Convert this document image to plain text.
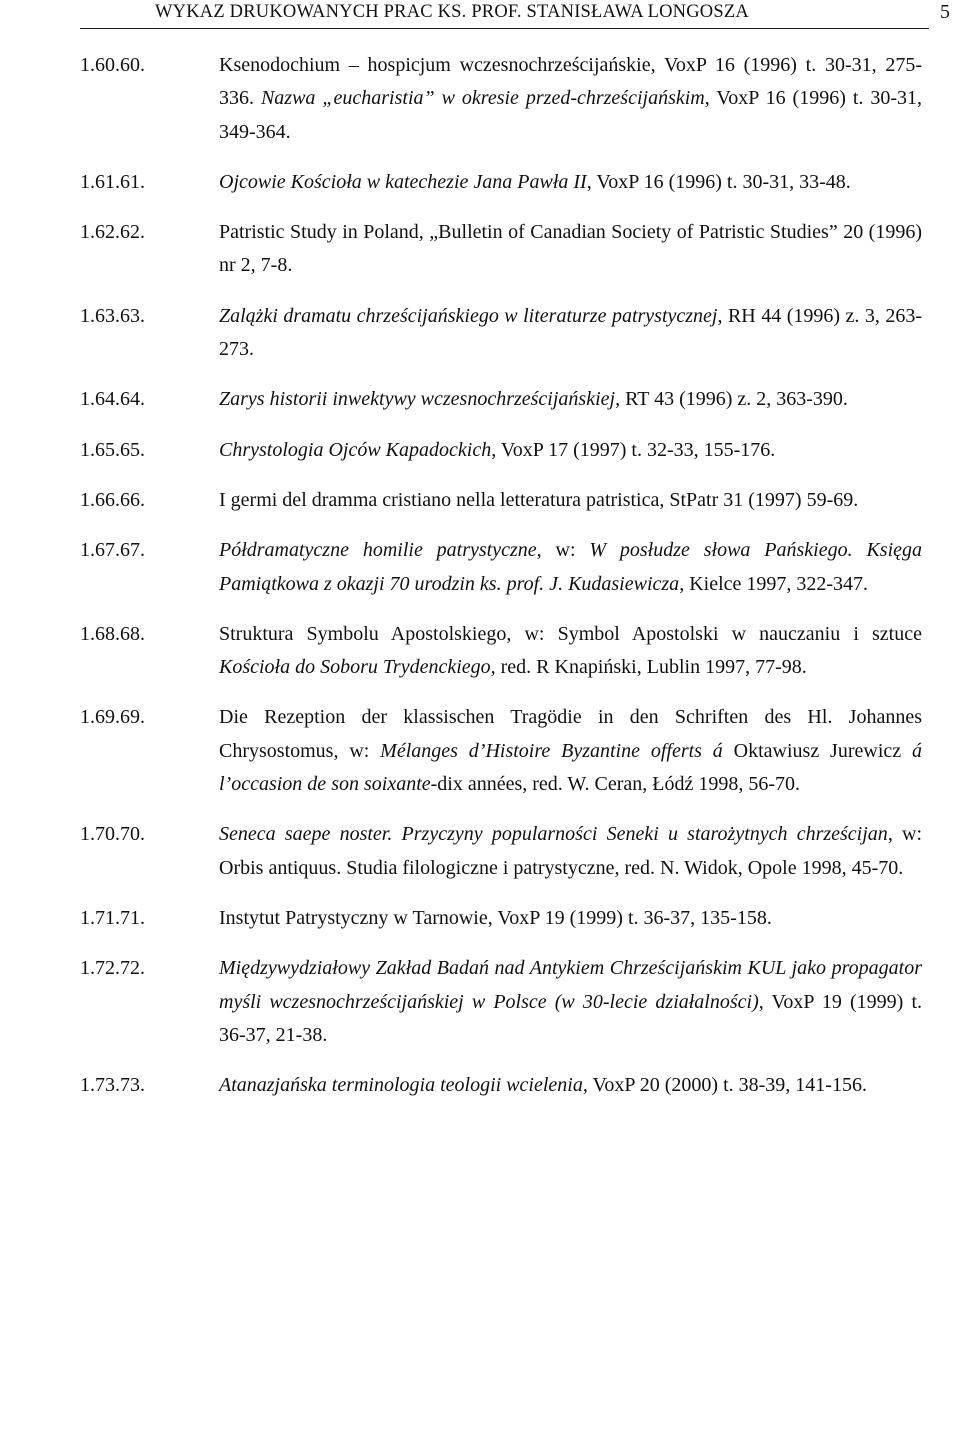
WYKAZ DRUKOWANYCH PRAC KS. PROF. STANISŁAWA LONGOSZA	5
1.60.60.	Ksenodochium – hospicjum wczesnochrześcijańskie, VoxP 16 (1996) t. 30-31, 275-336. Nazwa „eucharistia” w okresie przed-chrześcijańskim, VoxP 16 (1996) t. 30-31, 349-364.
1.61.61.	Ojcowie Kościoła w katechezie Jana Pawła II, VoxP 16 (1996) t. 30-31, 33-48.
1.62.62.	Patristic Study in Poland, „Bulletin of Canadian Society of Patristic Studies” 20 (1996) nr 2, 7-8.
1.63.63.	Zalążki dramatu chrześcijańskiego w literaturze patrystycznej, RH 44 (1996) z. 3, 263-273.
1.64.64.	Zarys historii inwektywy wczesnochrześcijańskiej, RT 43 (1996) z. 2, 363-390.
1.65.65.	Chrystologia Ojców Kapadockich, VoxP 17 (1997) t. 32-33, 155-176.
1.66.66.	I germi del dramma cristiano nella letteratura patristica, StPatr 31 (1997) 59-69.
1.67.67.	Półdramatyczne homilie patrystyczne, w: W posłudze słowa Pańskiego. Księga Pamiątkowa z okazji 70 urodzin ks. prof. J. Kudasiewicza, Kielce 1997, 322-347.
1.68.68.	Struktura Symbolu Apostolskiego, w: Symbol Apostolski w nauczaniu i sztuce Kościoła do Soboru Trydenckiego, red. R Knapiński, Lublin 1997, 77-98.
1.69.69.	Die Rezeption der klassischen Tragödie in den Schriften des Hl. Johannes Chrysostomus, w: Mélanges d’Histoire Byzantine offerts á Oktawiusz Jurewicz á l’occasion de son soixante-dix années, red. W. Ceran, Łódź 1998, 56-70.
1.70.70.	Seneca saepe noster. Przyczyny popularności Seneki u starożytnych chrześcijan, w: Orbis antiquus. Studia filologiczne i patrystyczne, red. N. Widok, Opole 1998, 45-70.
1.71.71.	Instytut Patrystyczny w Tarnowie, VoxP 19 (1999) t. 36-37, 135-158.
1.72.72.	Międzywydziałowy Zakład Badań nad Antykiem Chrześcijańskim KUL jako propagator myśli wczesnochrześcijańskiej w Polsce (w 30-lecie działalności), VoxP 19 (1999) t. 36-37, 21-38.
1.73.73.	Atanazjańska terminologia teologii wcielenia, VoxP 20 (2000) t. 38-39, 141-156.
